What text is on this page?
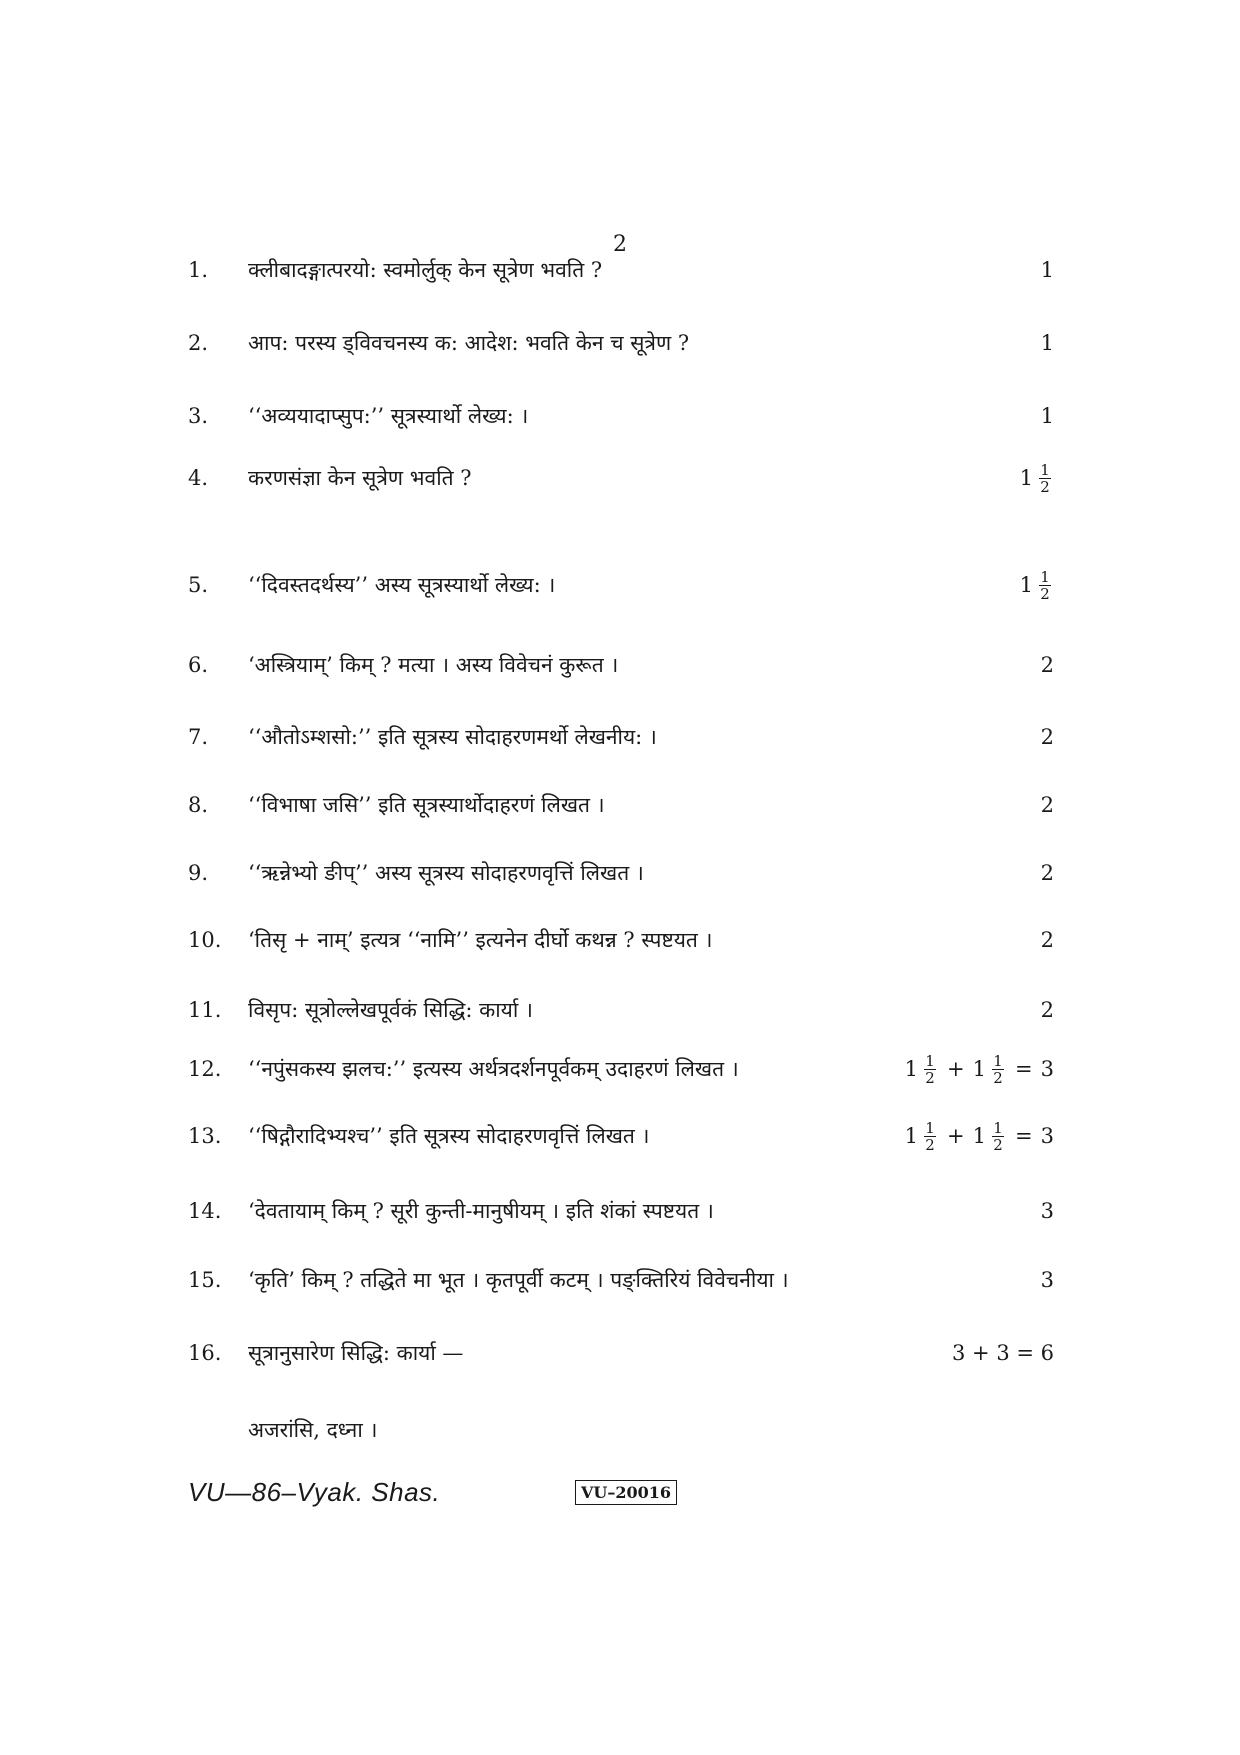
2
1. क्लीबादङ्गात्परयो: स्वमोर्लुक् केन सूत्रेण भवति ?	1
2. आप: परस्य ड्विवचनस्य क: आदेश: भवति केन च सूत्रेण ?	1
3. ‘‘अव्ययादाप्सुप:’’ सूत्रस्यार्थो लेख्य: ।	1
4. करणसंज्ञा केन सूत्रेण भवति ?	$1 \frac{1}{2}$
5. ‘‘दिवस्तदर्थस्य’’ अस्य सूत्रस्यार्थो लेख्य: ।	$1 \frac{1}{2}$
6. ‘अस्त्रियाम्’ किम् ? मत्या । अस्य विवेचनं कुरूत ।	2
7. ‘‘औतोऽम्शसो:’’ इति सूत्रस्य सोदाहरणमर्थो लेखनीय: ।	2
8. ‘‘विभाषा जसि’’ इति सूत्रस्यार्थोदाहरणं लिखत ।	2
9. ‘‘ऋन्नेभ्यो ङीप्’’ अस्य सूत्रस्य सोदाहरणवृत्तिं लिखत ।	2
10. ‘तिसृ + नाम्’ इत्यत्र ‘‘नामि’’ इत्यनेन दीर्घो कथन्न ? स्पष्टयत ।	2
11. विसृप: सूत्रोल्लेखपूर्वकं सिद्धि: कार्या ।	2
12. ‘‘नपुंसकस्य झलच:’’ इत्यस्य अर्थत्रदर्शनपूर्वकम् उदाहरणं लिखत ।	$1 \frac{1}{2} + 1 \frac{1}{2} = 3$
13. ‘‘षिद्गौरादिभ्यश्च’’ इति सूत्रस्य सोदाहरणवृत्तिं लिखत ।	$1 \frac{1}{2} + 1 \frac{1}{2} = 3$
14. ‘देवतायाम् किम् ? सूरी कुन्ती-मानुषीयम् । इति शंकां स्पष्टयत ।	3
15. ‘कृति’ किम् ? तद्धिते मा भूत । कृतपूर्वी कटम् । पङ्क्तिरियं विवेचनीया ।	3
16. सूत्रानुसारेण सिद्धि: कार्या —	3 + 3 = 6
अजरांसि, दध्ना ।
VU—86–Vyak. Shas.	VU–20016
